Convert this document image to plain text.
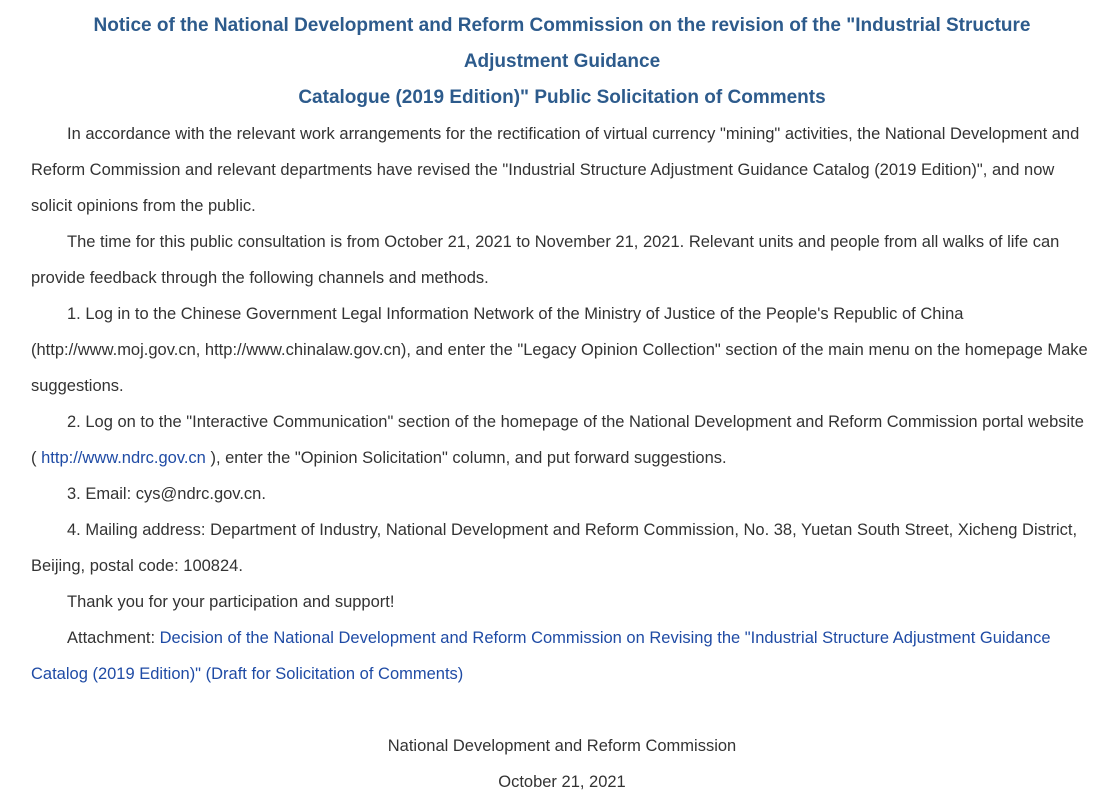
Notice of the National Development and Reform Commission on the revision of the "Industrial Structure
Adjustment Guidance
Catalogue (2019 Edition)" Public Solicitation of Comments

In accordance with the relevant work arrangements for the rectification of virtual currency "mining" activities, the National Development and Reform Commission and relevant departments have revised the "Industrial Structure Adjustment Guidance Catalog (2019 Edition)", and now solicit opinions from the public.

The time for this public consultation is from October 21, 2021 to November 21, 2021. Relevant units and people from all walks of life can provide feedback through the following channels and methods.

1. Log in to the Chinese Government Legal Information Network of the Ministry of Justice of the People's Republic of China (http://www.moj.gov.cn, http://www.chinalaw.gov.cn), and enter the "Legacy Opinion Collection" section of the main menu on the homepage Make suggestions.

2. Log on to the "Interactive Communication" section of the homepage of the National Development and Reform Commission portal website ( http://www.ndrc.gov.cn ), enter the "Opinion Solicitation" column, and put forward suggestions.

3. Email: cys@ndrc.gov.cn.

4. Mailing address: Department of Industry, National Development and Reform Commission, No. 38, Yuetan South Street, Xicheng District, Beijing, postal code: 100824.

Thank you for your participation and support!

Attachment: Decision of the National Development and Reform Commission on Revising the "Industrial Structure Adjustment Guidance Catalog (2019 Edition)" (Draft for Solicitation of Comments)

National Development and Reform Commission
October 21, 2021
